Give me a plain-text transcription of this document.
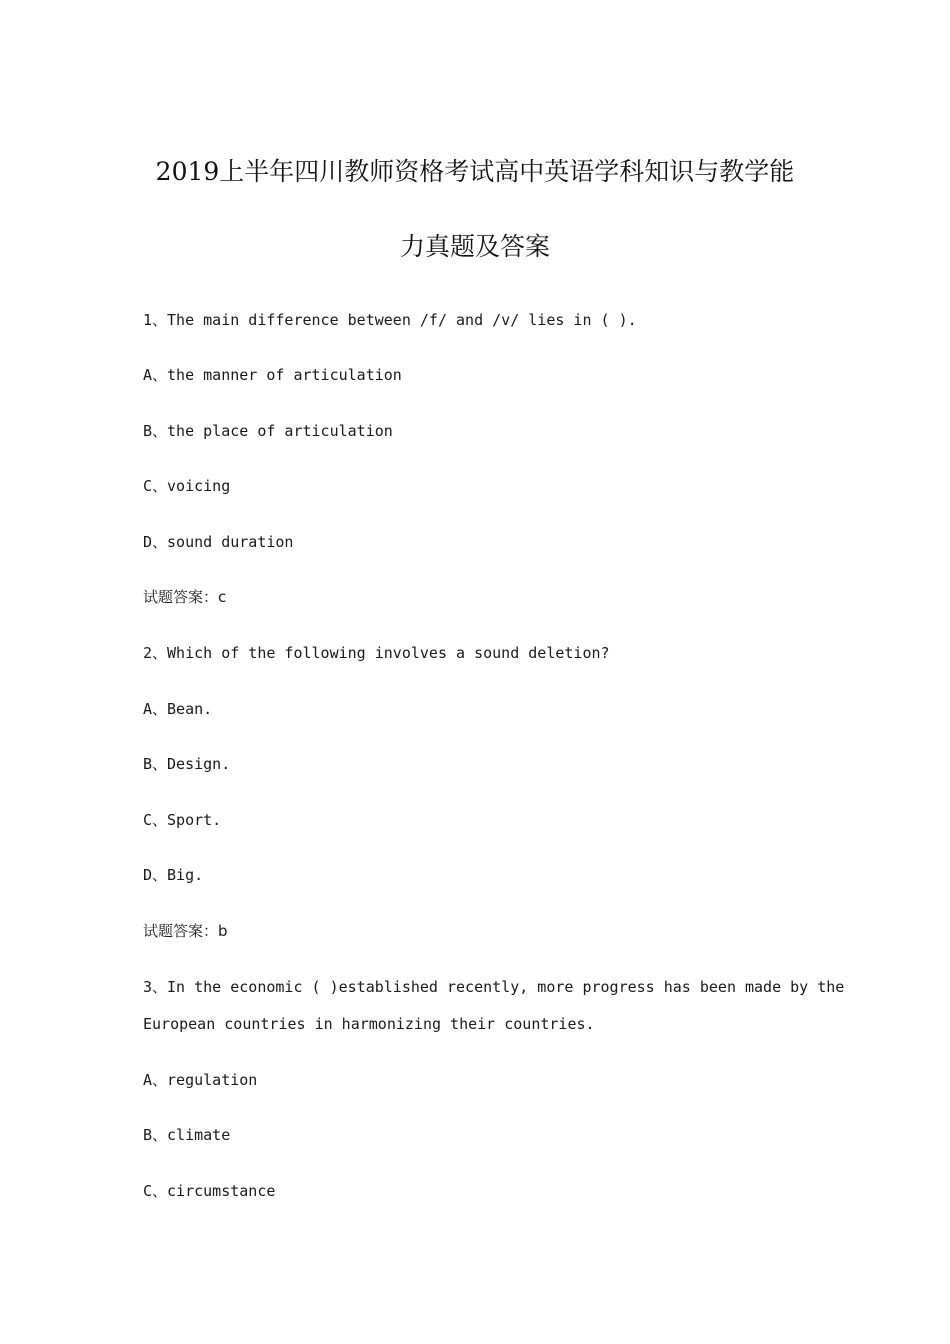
2019上半年四川教师资格考试高中英语学科知识与教学能
力真题及答案
1、The main difference between /f/ and /v/ lies in ( ).
A、the manner of articulation
B、the place of articulation
C、voicing
D、sound duration
试题答案：c
2、Which of the following involves a sound deletion?
A、Bean.
B、Design.
C、Sport.
D、Big.
试题答案：b
3、In the economic ( )established recently, more progress has been made by the
European countries in harmonizing their countries.
A、regulation
B、climate
C、circumstance
